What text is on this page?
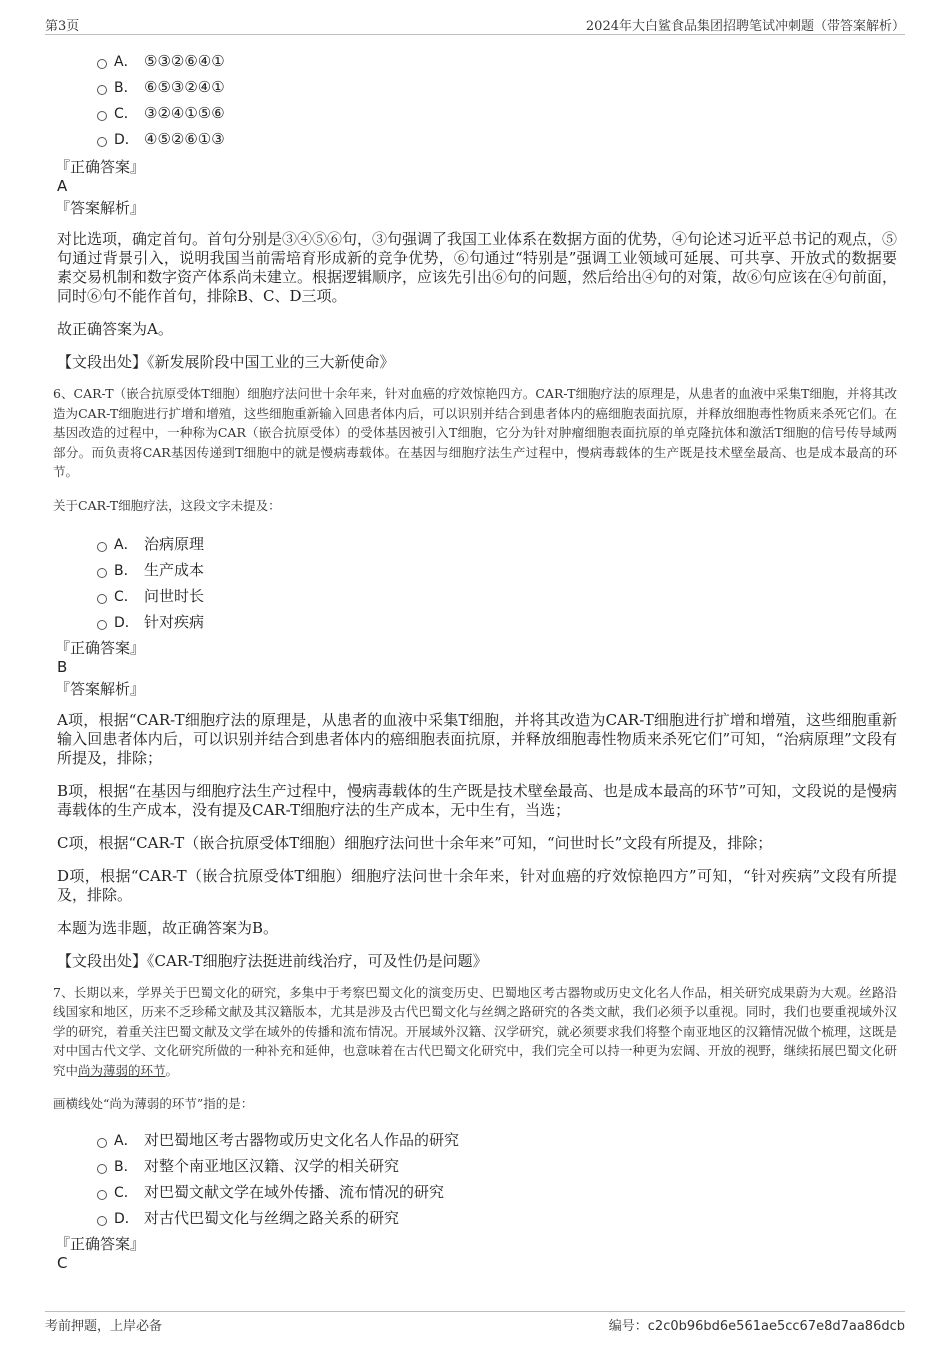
第3页	2024年大白鲨食品集团招聘笔试冲刺题（带答案解析）
A． ⑤③②⑥④①
B． ⑥⑤③②④①
C． ③②④①⑤⑥
D． ④⑤②⑥①③
『正确答案』
A
『答案解析』

对比选项，确定首句。首句分别是③④⑤⑥句，③句强调了我国工业体系在数据方面的优势，④句论述习近平总书记的观点，⑤句通过背景引入，说明我国当前需培育形成新的竞争优势，⑥句通过“特别是”强调工业领域可延展、可共享、开放式的数据要素交易机制和数字资产体系尚未建立。根据逻辑顺序，应该先引出⑥句的问题，然后给出④句的对策，故⑥句应该在④句前面，同时⑥句不能作首句，排除B、C、D三项。

故正确答案为A。

【文段出处】《新发展阶段中国工业的三大新使命》

6、CAR-T（嵌合抗原受体T细胞）细胞疗法问世十余年来，针对血癌的疗效惊艳四方。CAR-T细胞疗法的原理是，从患者的血液中采集T细胞，并将其改造为CAR-T细胞进行扩增和增殖，这些细胞重新输入回患者体内后，可以识别并结合到患者体内的癌细胞表面抗原，并释放细胞毒性物质来杀死它们。在基因改造的过程中，一种称为CAR（嵌合抗原受体）的受体基因被引入T细胞，它分为针对肿瘤细胞表面抗原的单克隆抗体和激活T细胞的信号传导域两部分。而负责将CAR基因传递到T细胞中的就是慢病毒载体。在基因与细胞疗法生产过程中，慢病毒载体的生产既是技术壁垒最高、也是成本最高的环节。

关于CAR-T细胞疗法，这段文字未提及：
A． 治病原理
B． 生产成本
C． 问世时长
D． 针对疾病
『正确答案』
B
『答案解析』

A项，根据“CAR-T细胞疗法的原理是，从患者的血液中采集T细胞，并将其改造为CAR-T细胞进行扩增和增殖，这些细胞重新输入回患者体内后，可以识别并结合到患者体内的癌细胞表面抗原，并释放细胞毒性物质来杀死它们”可知，“治病原理”文段有所提及，排除；

B项，根据“在基因与细胞疗法生产过程中，慢病毒载体的生产既是技术壁垒最高、也是成本最高的环节”可知，文段说的是慢病毒载体的生产成本，没有提及CAR-T细胞疗法的生产成本，无中生有，当选；

C项，根据“CAR-T（嵌合抗原受体T细胞）细胞疗法问世十余年来”可知，“问世时长”文段有所提及，排除；

D项，根据“CAR-T（嵌合抗原受体T细胞）细胞疗法问世十余年来，针对血癌的疗效惊艳四方”可知，“针对疾病”文段有所提及，排除。

本题为选非题，故正确答案为B。

【文段出处】《CAR-T细胞疗法挺进前线治疗，可及性仍是问题》

7、长期以来，学界关于巴蜀文化的研究，多集中于考察巴蜀文化的演变历史、巴蜀地区考古器物或历史文化名人作品，相关研究成果蔚为大观。丝路沿线国家和地区，历来不乏珍稀文献及其汉籍版本，尤其是涉及古代巴蜀文化与丝绸之路研究的各类文献，我们必须予以重视。同时，我们也要重视域外汉学的研究，着重关注巴蜀文献及文学在域外的传播和流布情况。开展域外汉籍、汉学研究，就必须要求我们将整个南亚地区的汉籍情况做个梳理，这既是对中国古代文学、文化研究所做的一种补充和延伸，也意味着在古代巴蜀文化研究中，我们完全可以持一种更为宏阔、开放的视野，继续拓展巴蜀文化研究中尚为薄弱的环节。

画横线处“尚为薄弱的环节”指的是：
A． 对巴蜀地区考古器物或历史文化名人作品的研究
B． 对整个南亚地区汉籍、汉学的相关研究
C． 对巴蜀文献文学在域外传播、流布情况的研究
D． 对古代巴蜀文化与丝绸之路关系的研究
『正确答案』
C
考前押题，上岸必备	编号：c2c0b96bd6e561ae5cc67e8d7aa86dcb
